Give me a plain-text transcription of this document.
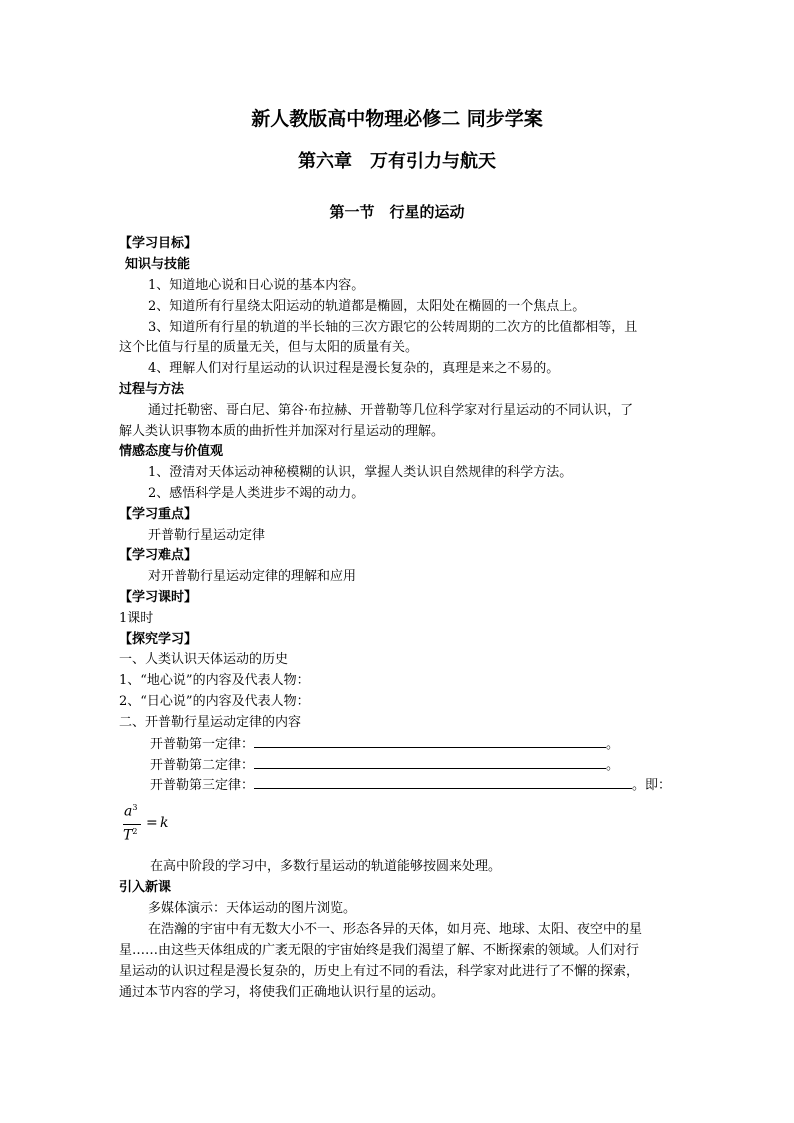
新人教版高中物理必修二 同步学案
第六章　万有引力与航天
第一节　行星的运动
【学习目标】
知识与技能
1、知道地心说和日心说的基本内容。
2、知道所有行星绕太阳运动的轨道都是椭圆，太阳处在椭圆的一个焦点上。
3、知道所有行星的轨道的半长轴的三次方跟它的公转周期的二次方的比值都相等，且
这个比值与行星的质量无关，但与太阳的质量有关。
4、理解人们对行星运动的认识过程是漫长复杂的，真理是来之不易的。
过程与方法
通过托勒密、哥白尼、第谷·布拉赫、开普勒等几位科学家对行星运动的不同认识，了
解人类认识事物本质的曲折性并加深对行星运动的理解。
情感态度与价值观
1、澄清对天体运动神秘模糊的认识，掌握人类认识自然规律的科学方法。
2、感悟科学是人类进步不竭的动力。
【学习重点】
开普勒行星运动定律
【学习难点】
对开普勒行星运动定律的理解和应用
【学习课时】
1课时
【探究学习】
一、人类认识天体运动的历史
1、“地心说”的内容及代表人物：
2、“日心说”的内容及代表人物：
二、开普勒行星运动定律的内容
开普勒第一定律：	。
开普勒第二定律：	。
开普勒第三定律：	。即：
$a^3$
$T^2$
= k
在高中阶段的学习中，多数行星运动的轨道能够按圆来处理。
引入新课
多媒体演示：天体运动的图片浏览。
在浩瀚的宇宙中有无数大小不一、形态各异的天体，如月亮、地球、太阳、夜空中的星
星……由这些天体组成的广袤无限的宇宙始终是我们渴望了解、不断探索的领域。人们对行
星运动的认识过程是漫长复杂的，历史上有过不同的看法，科学家对此进行了不懈的探索，
通过本节内容的学习，将使我们正确地认识行星的运动。
